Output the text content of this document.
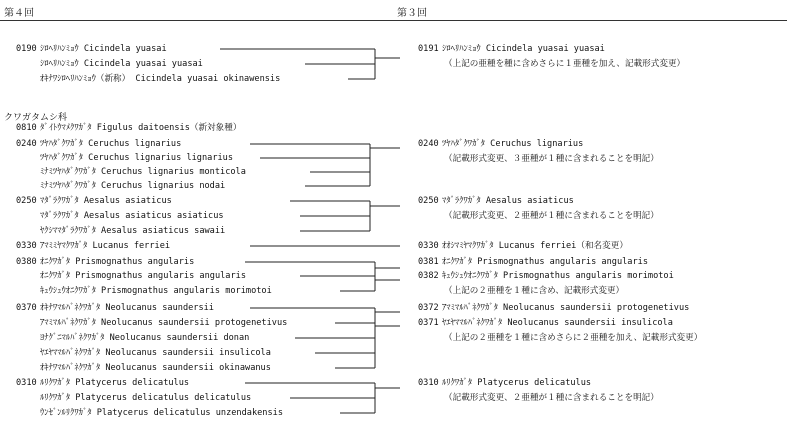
第４回	第３回
クワガタムシ科
0190 ｼﾛﾍﾘﾊﾝﾐｮｳ Cicindela yuasai
ｼﾛﾍﾘﾊﾝﾐｮｳ Cicindela yuasai yuasai
ｵｷﾅﾜｼﾛﾍﾘﾊﾝﾐｮｳ（新称） Cicindela yuasai okinawensis
0810 ﾀﾞｲﾄｳﾏﾒｸﾜｶﾞﾀ Figulus daitoensis（新対象種）
0240 ﾂﾔﾊﾀﾞｸﾜｶﾞﾀ Ceruchus lignarius
ﾂﾔﾊﾀﾞｸﾜｶﾞﾀ Ceruchus lignarius lignarius
ﾐﾅﾐﾂﾔﾊﾀﾞｸﾜｶﾞﾀ Ceruchus lignarius monticola
ﾐﾅﾐﾂﾔﾊﾀﾞｸﾜｶﾞﾀ Ceruchus lignarius nodai
0250 ﾏﾀﾞﾗｸﾜｶﾞﾀ Aesalus asiaticus
ﾏﾀﾞﾗｸﾜｶﾞﾀ Aesalus asiaticus asiaticus
ﾔｸｼﾏﾏﾀﾞﾗｸﾜｶﾞﾀ Aesalus asiaticus sawaii
0330 ｱﾏﾐﾐﾔﾏｸﾜｶﾞﾀ Lucanus ferriei
0380 ｵﾆｸﾜｶﾞﾀ Prismognathus angularis
ｵﾆｸﾜｶﾞﾀ Prismognathus angularis angularis
ｷｭｳｼｭｳｵﾆｸﾜｶﾞﾀ Prismognathus angularis morimotoi
0370 ｵｷﾅﾜﾏﾙﾊﾞﾈｸﾜｶﾞﾀ Neolucanus saundersii
ｱﾏﾐﾏﾙﾊﾞﾈｸﾜｶﾞﾀ Neolucanus saundersii protogenetivus
ﾖﾅｸﾞﾆﾏﾙﾊﾞﾈｸﾜｶﾞﾀ Neolucanus saundersii donan
ﾔｴﾔﾏﾏﾙﾊﾞﾈｸﾜｶﾞﾀ Neolucanus saundersii insulicola
ｵｷﾅﾜﾏﾙﾊﾞﾈｸﾜｶﾞﾀ Neolucanus saundersii okinawanus
0310 ﾙﾘｸﾜｶﾞﾀ Platycerus delicatulus
ﾙﾘｸﾜｶﾞﾀ Platycerus delicatulus delicatulus
ｳﾝｾﾞﾝﾙﾘｸﾜｶﾞﾀ Platycerus delicatulus unzendakensis
0191 ｼﾛﾍﾘﾊﾝﾐｮｳ Cicindela yuasai yuasai
（上記の亜種を種に含めさらに１亜種を加え、記載形式変更）
0240 ﾂﾔﾊﾀﾞｸﾜｶﾞﾀ Ceruchus lignarius
（記載形式変更、３亜種が１種に含まれることを明記）
0250 ﾏﾀﾞﾗｸﾜｶﾞﾀ Aesalus asiaticus
（記載形式変更、２亜種が１種に含まれることを明記）
0330 ｵｵｼﾏﾐﾔﾏｸﾜｶﾞﾀ Lucanus ferriei（和名変更）
0381 ｵﾆｸﾜｶﾞﾀ Prismognathus angularis angularis
0382 ｷｭｳｼｭｳｵﾆｸﾜｶﾞﾀ Prismognathus angularis morimotoi
（上記の２亜種を１種に含め、記載形式変更）
0372 ｱﾏﾐﾏﾙﾊﾞﾈｸﾜｶﾞﾀ Neolucanus saundersii protogenetivus
0371 ﾔｴﾔﾏﾏﾙﾊﾞﾈｸﾜｶﾞﾀ Neolucanus saundersii insulicola
（上記の２亜種を１種に含めさらに２亜種を加え、記載形式変更）
0310 ﾙﾘｸﾜｶﾞﾀ Platycerus delicatulus
（記載形式変更、２亜種が１種に含まれることを明記）
